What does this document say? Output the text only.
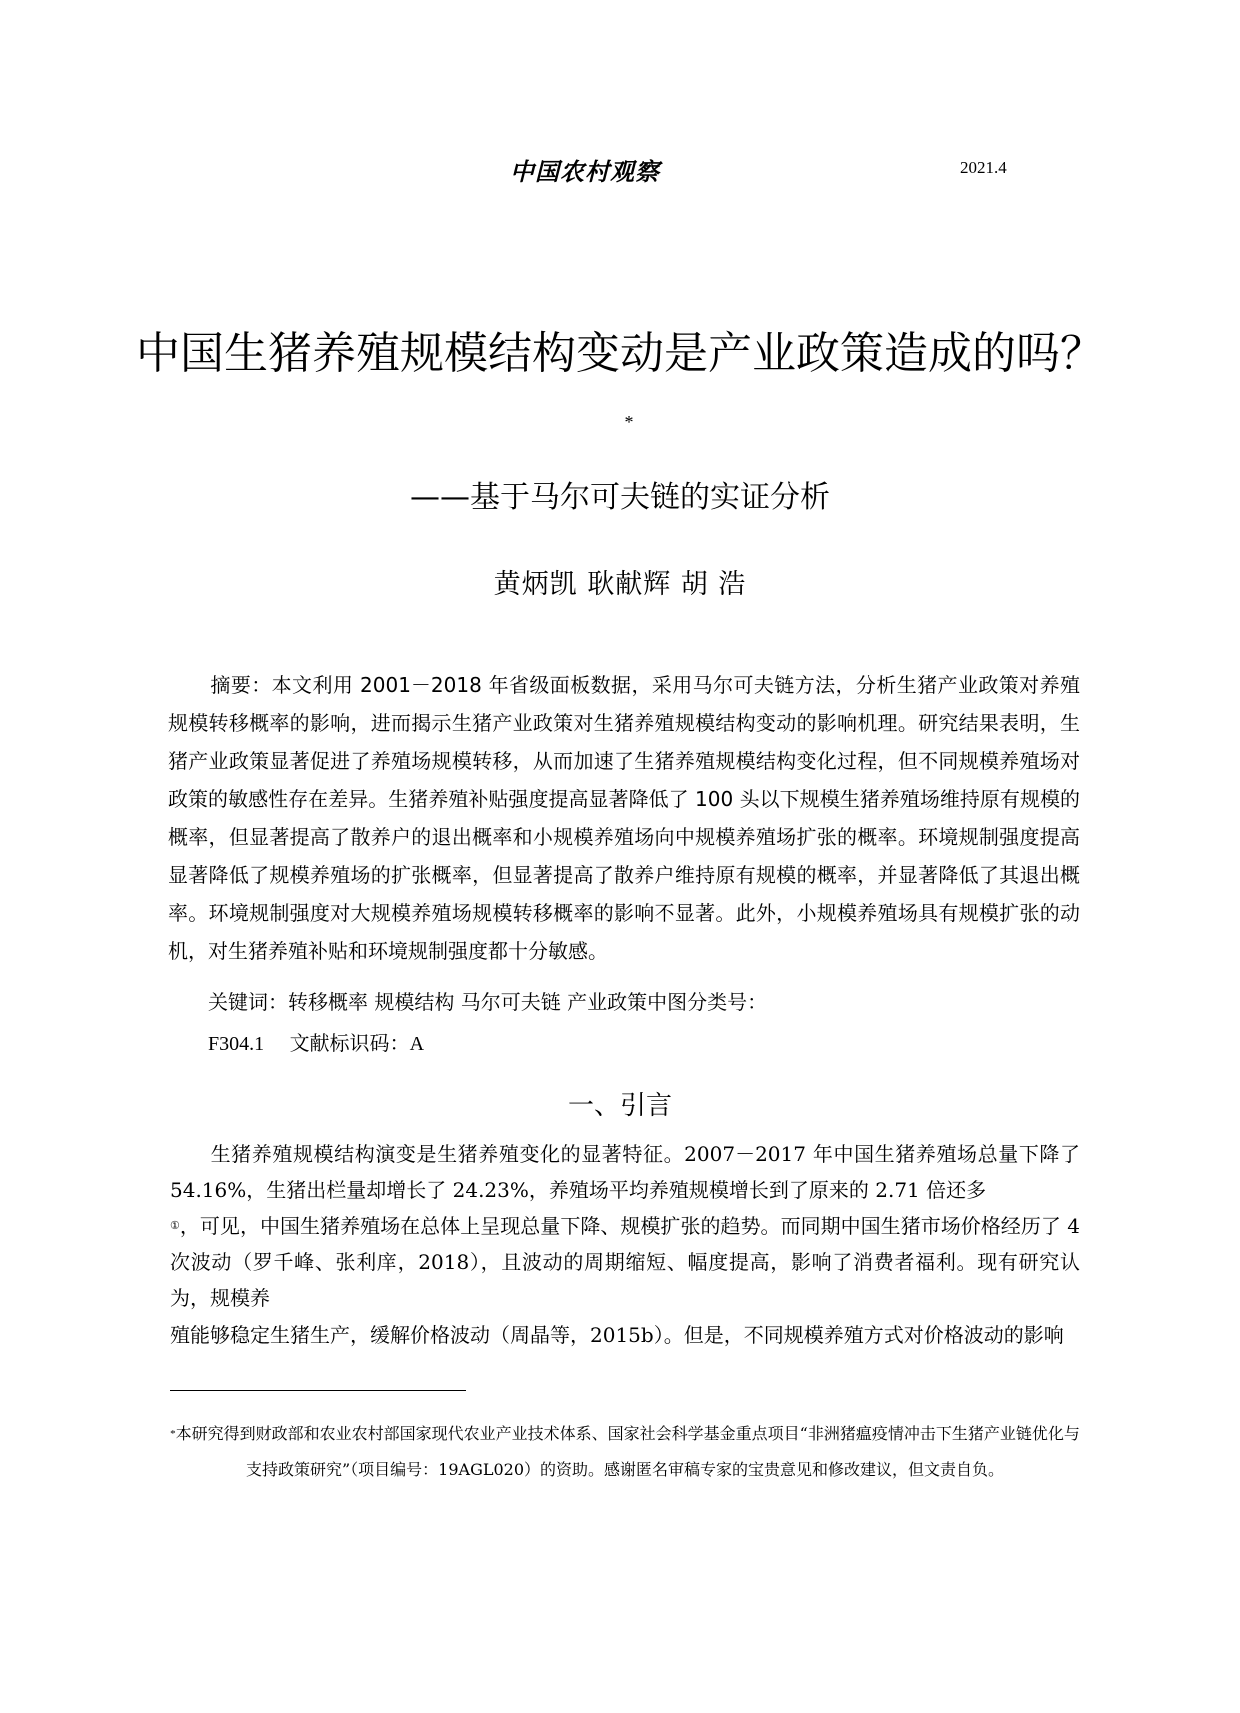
中国农村观察	2021.4
中国生猪养殖规模结构变动是产业政策造成的吗？*
——基于马尔可夫链的实证分析
黄炳凯 耿献辉 胡 浩
摘要：本文利用 2001－2018 年省级面板数据，采用马尔可夫链方法，分析生猪产业政策对养殖规模转移概率的影响，进而揭示生猪产业政策对生猪养殖规模结构变动的影响机理。研究结果表明，生猪产业政策显著促进了养殖场规模转移，从而加速了生猪养殖规模结构变化过程，但不同规模养殖场对政策的敏感性存在差异。生猪养殖补贴强度提高显著降低了 100 头以下规模生猪养殖场维持原有规模的概率，但显著提高了散养户的退出概率和小规模养殖场向中规模养殖场扩张的概率。环境规制强度提高显著降低了规模养殖场的扩张概率，但显著提高了散养户维持原有规模的概率，并显著降低了其退出概率。环境规制强度对大规模养殖场规模转移概率的影响不显著。此外，小规模养殖场具有规模扩张的动机，对生猪养殖补贴和环境规制强度都十分敏感。
关键词：转移概率 规模结构 马尔可夫链 产业政策中图分类号：
F304.1 文献标识码：A
一、引言
生猪养殖规模结构演变是生猪养殖变化的显著特征。2007－2017 年中国生猪养殖场总量下降了 54.16%，生猪出栏量却增长了 24.23%，养殖场平均养殖规模增长到了原来的 2.71 倍还多
①，可见，中国生猪养殖场在总体上呈现总量下降、规模扩张的趋势。而同期中国生猪市场价格经历了 4 次波动（罗千峰、张利庠，2018），且波动的周期缩短、幅度提高，影响了消费者福利。现有研究认为，规模养
殖能够稳定生猪生产，缓解价格波动（周晶等，2015b）。但是，不同规模养殖方式对价格波动的影响
*本研究得到财政部和农业农村部国家现代农业产业技术体系、国家社会科学基金重点项目“非洲猪瘟疫情冲击下生猪产业链优化与支持政策研究”（项目编号：19AGL020）的资助。感谢匿名审稿专家的宝贵意见和修改建议，但文责自负。
